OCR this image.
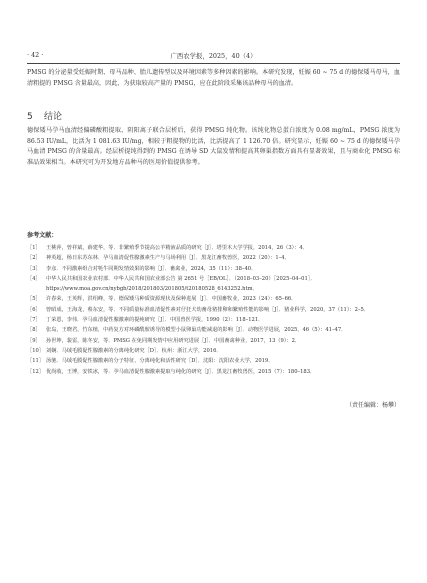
· 42 ·	广西农学报，2025，40（4）

PMSG 的分泌量受妊娠时期、母马品种、胎儿遗传型以及环境因素等多种因素的影响。本研究发现，妊娠 60 ~ 75 d 的德保矮马母马，血清粗提的 PMSG 含量最高，因此，为获取较高产量的 PMSG，应在此阶段采集该品种母马的血清。

5 结论

德保矮马孕马血清经偏磷酸粗提取、阴阳离子联合层析后，获得 PMSG 纯化物。该纯化物总蛋白浓度为 0.08 mg/mL，PMSG 浓度为 86.53 IU/mL，比活为 1 081.63 IU/mg，相较于粗提物的比活，比活提高了 1 126.70 倍。研究显示，妊娠 60 ~ 75 d 的德保矮马孕马血清 PMSG 的含量最高。经层析提纯得到的 PMSG 在诱导 SD 大鼠发情和提高其卵巢指数方面具有显著效果，且与商业化 PMSG 标准品效果相当。本研究可为开发地方品种马的医用价值提供参考。

参考文献：
［1］	王桃萍，曾祥斌，薛建华，等．非繁殖季节提高公羊精液品质的研究［J］．塔里木大学学报，2014，26（3）：4．
［2］	神英超，杨日东苏东林．孕马血清促性腺激素生产与马场利用［J］．黑龙江畜牧兽医，2022（20）：1–4．
［3］	李彦．不同激素组合对牦牛同期发情效果的影响［J］．畜禽业，2024，35（11）：38–40．
［4］	中华人民共和国农业农村部．中华人民共和国农业部公告 第 2651 号［EB/OL］．（2018–03–20）［2025–04–01］．https://www.moa.gov.cn/nybgb/2018/201803/201805/t20180528_6143252.htm．
［5］	许春荣，王英辉，洪绍峰，等．德保矮马种质资源现状及保种进展［J］．中国畜牧业，2023（24）：65–66．
［6］	曾昭成，王海龙，蔡东安，等．不同质量标准血清促性素对仔狂犬幼畜母猪排卵和繁殖性能的影响［J］．猪业科学，2020，37（11）：2–5．
［7］	丁荣恩，李伟．孕马血清促性腺激素的提纯研究［J］．中国兽医学报，1990（2）：118–121．
［8］	张岛，王晓君，竹东植，中药复方对环磷酰胺诱导的模型小鼠卵巢功能减退的影响［J］．动物医学进展，2025，46（5）：41–47．
［9］	孙世坤，裴雷，陈冬安，等．PMSG 在免同期发情中应用研究进展［J］．中国畜禽种业，2017，13（9）：2．
［10］ 刘娴．马绒毛膜促性腺激素的分离纯化研究［D］．杭州：浙江大学，2016．
［11］ 汤驰．马绒毛膜促性腺激素的分子特征、分离纯化和活性研究［D］．沈阳：沈阳农业大学，2019．
［12］ 优尚收，王博，安铁冰，等．孕马血清促性腺激素提取与纯化的研究［J］．黑龙江畜牧兽医，2015（7）：180–183．
（责任编辑：杨攀）
